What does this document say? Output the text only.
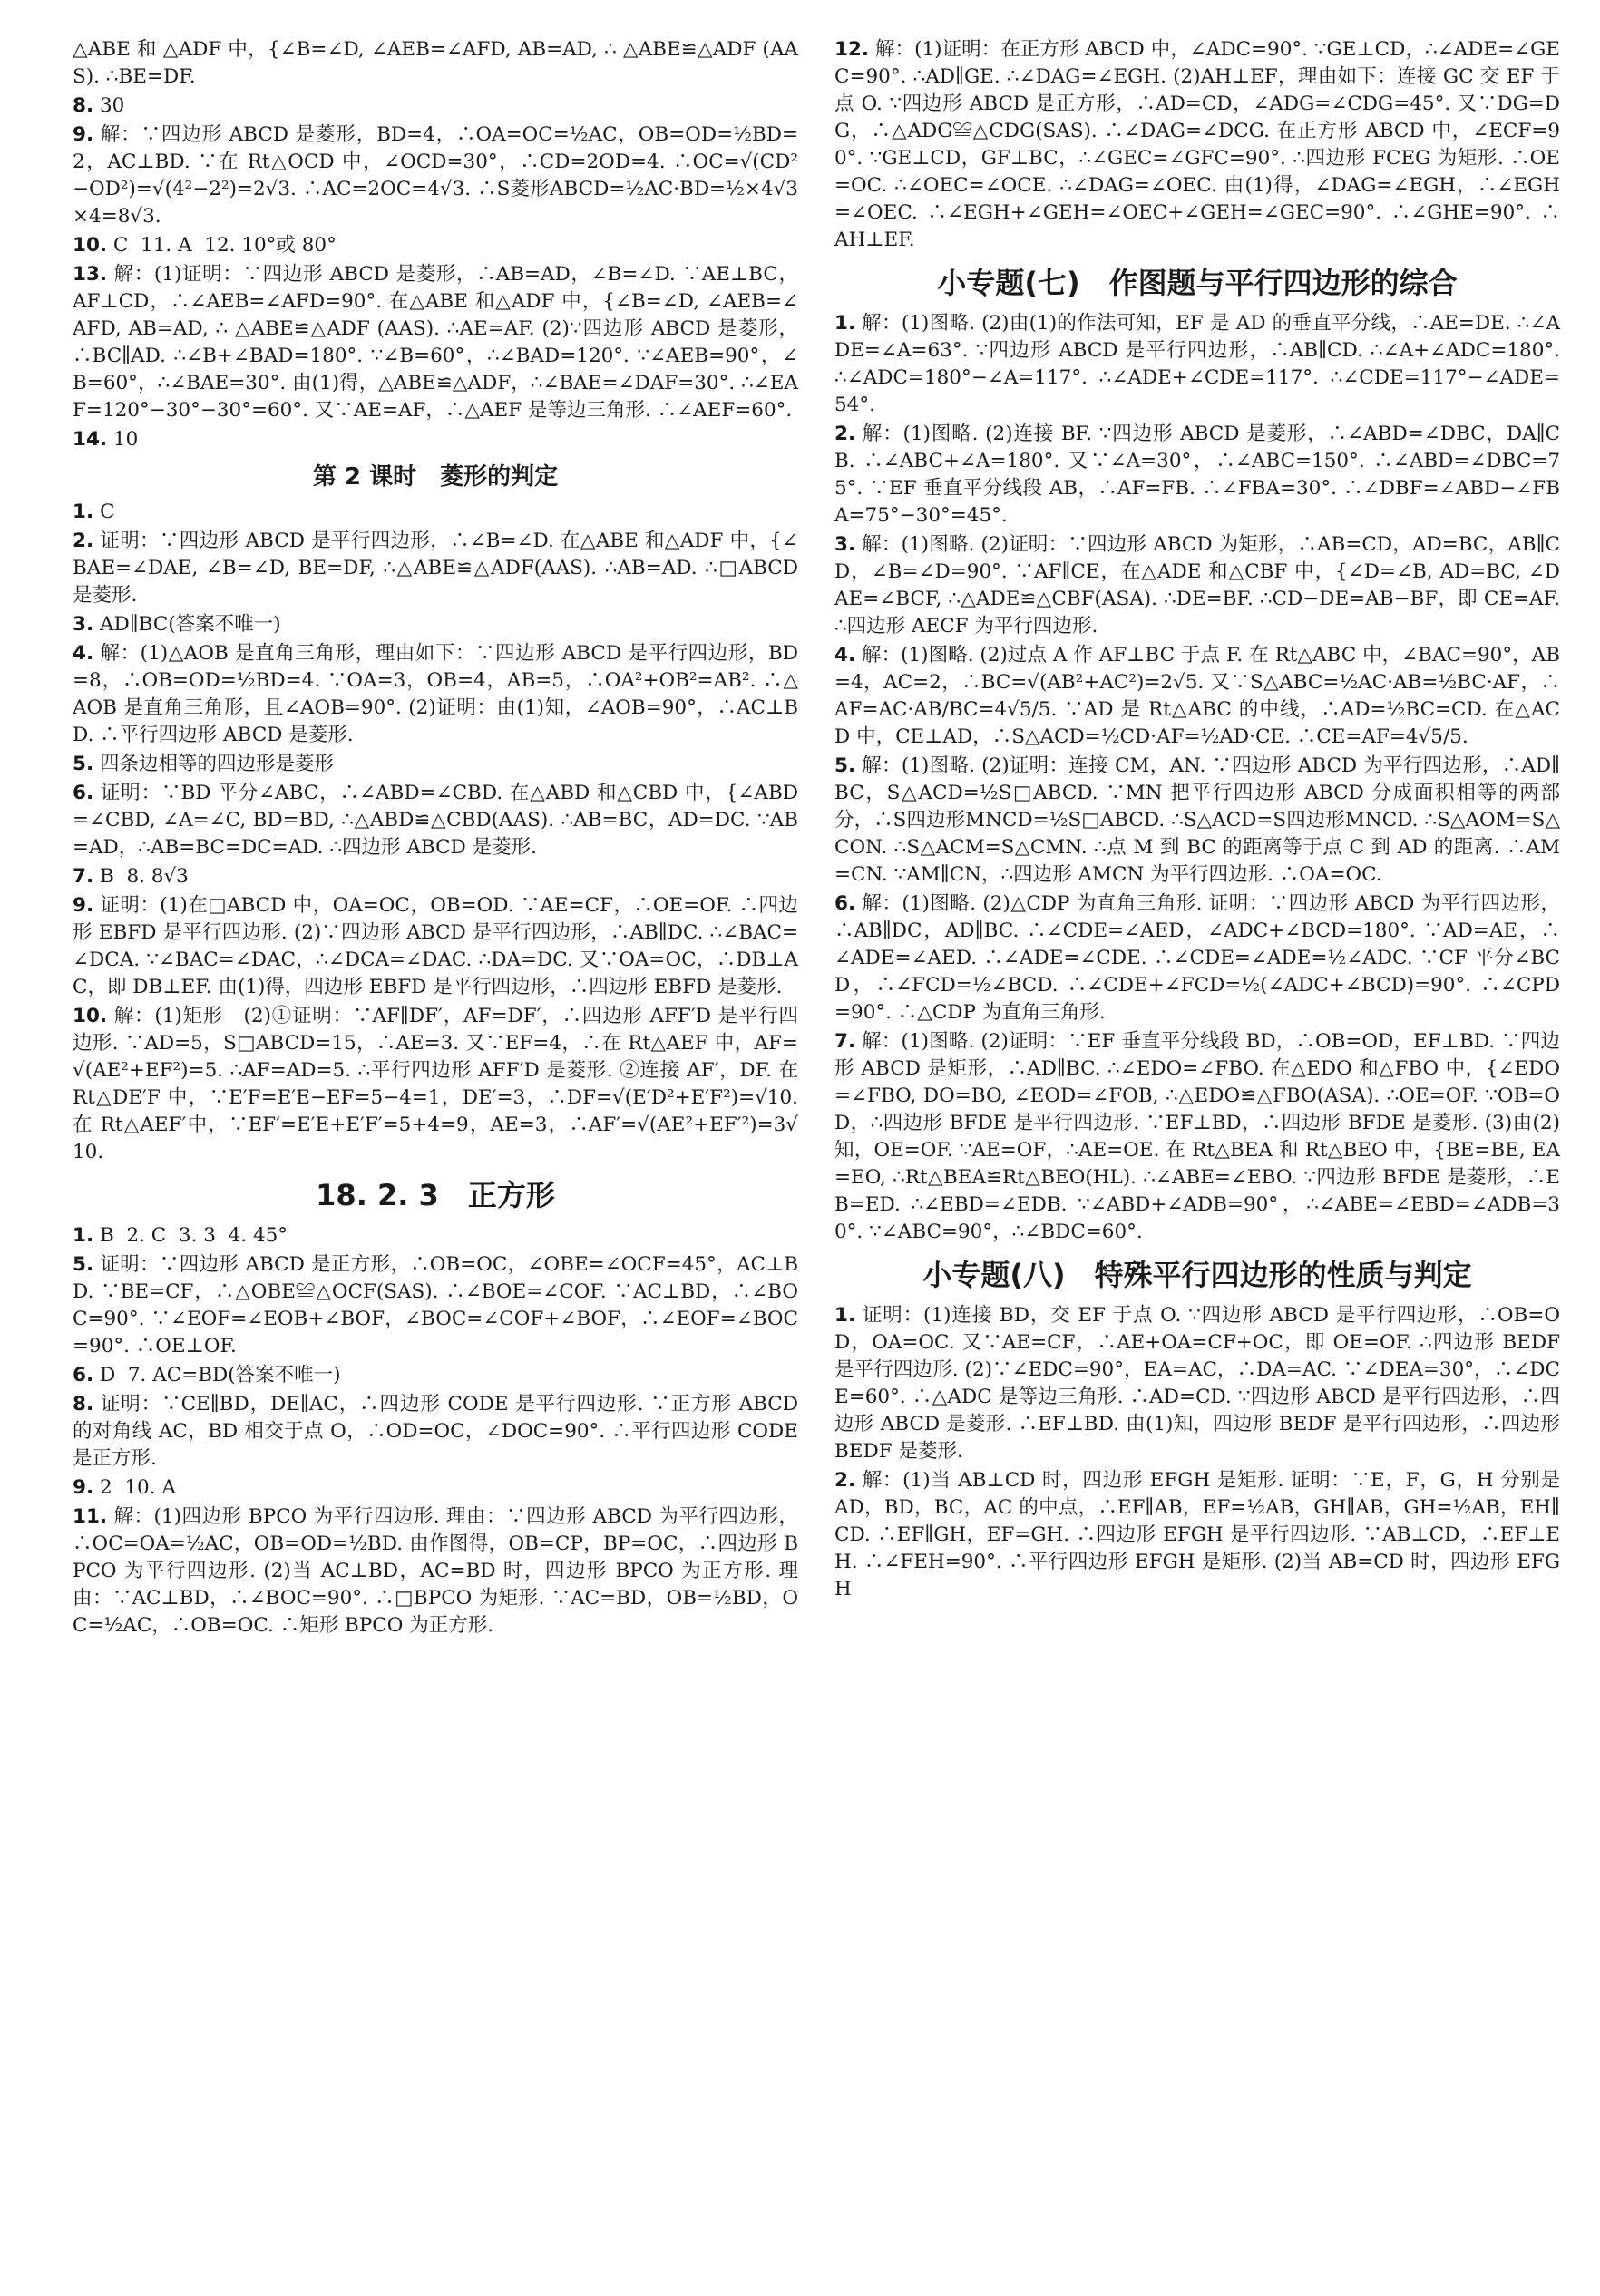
△ABE 和 △ADF 中，{∠B=∠D, ∠AEB=∠AFD, AB=AD, ∴ △ABE≌△ADF (AAS). ∴BE=DF.
8. 30
9. 解：∵四边形 ABCD 是菱形，BD=4，∴OA=OC=½AC，OB=OD=½BD=2，AC⊥BD. ∵在 Rt△OCD 中，∠OCD=30°，∴CD=2OD=4. ∴OC=√(CD²−OD²)=√(4²−2²)=2√3. ∴AC=2OC=4√3. ∴S菱形ABCD=½AC·BD=½×4√3×4=8√3.
10. C  11. A  12. 10°或 80°
13. 解：(1)证明：∵四边形 ABCD 是菱形，∴AB=AD，∠B=∠D. ∵AE⊥BC，AF⊥CD，∴∠AEB=∠AFD=90°. 在△ABE 和△ADF 中，{∠B=∠D, ∠AEB=∠AFD, AB=AD, ∴ △ABE≌△ADF (AAS). ∴AE=AF. (2)∵四边形 ABCD 是菱形，∴BC∥AD. ∴∠B+∠BAD=180°. ∵∠B=60°，∴∠BAD=120°. ∵∠AEB=90°，∠B=60°，∴∠BAE=30°. 由(1)得，△ABE≌△ADF，∴∠BAE=∠DAF=30°. ∴∠EAF=120°−30°−30°=60°. 又∵AE=AF，∴△AEF 是等边三角形. ∴∠AEF=60°.
14. 10
第 2 课时　菱形的判定
1. C
2. 证明：∵四边形 ABCD 是平行四边形，∴∠B=∠D. 在△ABE 和△ADF 中，{∠BAE=∠DAE, ∠B=∠D, BE=DF, ∴△ABE≌△ADF(AAS). ∴AB=AD. ∴□ABCD 是菱形.
3. AD∥BC(答案不唯一)
4. 解：(1)△AOB 是直角三角形，理由如下：∵四边形 ABCD 是平行四边形，BD=8，∴OB=OD=½BD=4. ∵OA=3，OB=4，AB=5，∴OA²+OB²=AB². ∴△AOB 是直角三角形，且∠AOB=90°. (2)证明：由(1)知，∠AOB=90°，∴AC⊥BD. ∴平行四边形 ABCD 是菱形.
5. 四条边相等的四边形是菱形
6. 证明：∵BD 平分∠ABC，∴∠ABD=∠CBD. 在△ABD 和△CBD 中，{∠ABD=∠CBD, ∠A=∠C, BD=BD, ∴△ABD≌△CBD(AAS). ∴AB=BC，AD=DC. ∵AB=AD，∴AB=BC=DC=AD. ∴四边形 ABCD 是菱形.
7. B  8. 8√3
9. 证明：(1)在□ABCD 中，OA=OC，OB=OD. ∵AE=CF，∴OE=OF. ∴四边形 EBFD 是平行四边形. (2)∵四边形 ABCD 是平行四边形，∴AB∥DC. ∴∠BAC=∠DCA. ∵∠BAC=∠DAC，∴∠DCA=∠DAC. ∴DA=DC. 又∵OA=OC，∴DB⊥AC，即 DB⊥EF. 由(1)得，四边形 EBFD 是平行四边形，∴四边形 EBFD 是菱形.
10. 解：(1)矩形　(2)①证明：∵AF∥DF′，AF=DF′，∴四边形 AFF′D 是平行四边形. ∵AD=5，S□ABCD=15，∴AE=3. 又∵EF=4，∴在 Rt△AEF 中，AF=√(AE²+EF²)=5. ∴AF=AD=5. ∴平行四边形 AFF′D 是菱形. ②连接 AF′，DF. 在 Rt△DE′F 中，∵E′F=E′E−EF=5−4=1，DE′=3，∴DF=√(E′D²+E′F²)=√10. 在 Rt△AEF′中，∵EF′=E′E+E′F′=5+4=9，AE=3，∴AF′=√(AE²+EF′²)=3√10.
18. 2. 3　正方形
1. B  2. C  3. 3  4. 45°
5. 证明：∵四边形 ABCD 是正方形，∴OB=OC，∠OBE=∠OCF=45°，AC⊥BD. ∵BE=CF，∴△OBE≌△OCF(SAS). ∴∠BOE=∠COF. ∵AC⊥BD，∴∠BOC=90°. ∵∠EOF=∠EOB+∠BOF，∠BOC=∠COF+∠BOF，∴∠EOF=∠BOC=90°. ∴OE⊥OF.
6. D  7. AC=BD(答案不唯一)
8. 证明：∵CE∥BD，DE∥AC，∴四边形 CODE 是平行四边形. ∵正方形 ABCD 的对角线 AC，BD 相交于点 O，∴OD=OC，∠DOC=90°. ∴平行四边形 CODE 是正方形.
9. 2  10. A
11. 解：(1)四边形 BPCO 为平行四边形. 理由：∵四边形 ABCD 为平行四边形，∴OC=OA=½AC，OB=OD=½BD. 由作图得，OB=CP，BP=OC，∴四边形 BPCO 为平行四边形. (2)当 AC⊥BD，AC=BD 时，四边形 BPCO 为正方形. 理由：∵AC⊥BD，∴∠BOC=90°. ∴□BPCO 为矩形. ∵AC=BD，OB=½BD，OC=½AC，∴OB=OC. ∴矩形 BPCO 为正方形.
12. 解：(1)证明：在正方形 ABCD 中，∠ADC=90°. ∵GE⊥CD，∴∠ADE=∠GEC=90°. ∴AD∥GE. ∴∠DAG=∠EGH. (2)AH⊥EF，理由如下：连接 GC 交 EF 于点 O. ∵四边形 ABCD 是正方形，∴AD=CD，∠ADG=∠CDG=45°. 又∵DG=DG，∴△ADG≌△CDG(SAS). ∴∠DAG=∠DCG. 在正方形 ABCD 中，∠ECF=90°. ∵GE⊥CD，GF⊥BC，∴∠GEC=∠GFC=90°. ∴四边形 FCEG 为矩形. ∴OE=OC. ∴∠OEC=∠OCE. ∴∠DAG=∠OEC. 由(1)得，∠DAG=∠EGH，∴∠EGH=∠OEC. ∴∠EGH+∠GEH=∠OEC+∠GEH=∠GEC=90°. ∴∠GHE=90°. ∴AH⊥EF.
小专题(七)　作图题与平行四边形的综合
1. 解：(1)图略. (2)由(1)的作法可知，EF 是 AD 的垂直平分线，∴AE=DE. ∴∠ADE=∠A=63°. ∵四边形 ABCD 是平行四边形，∴AB∥CD. ∴∠A+∠ADC=180°. ∴∠ADC=180°−∠A=117°. ∴∠ADE+∠CDE=117°. ∴∠CDE=117°−∠ADE=54°.
2. 解：(1)图略. (2)连接 BF. ∵四边形 ABCD 是菱形，∴∠ABD=∠DBC，DA∥CB. ∴∠ABC+∠A=180°. 又∵∠A=30°，∴∠ABC=150°. ∴∠ABD=∠DBC=75°. ∵EF 垂直平分线段 AB，∴AF=FB. ∴∠FBA=30°. ∴∠DBF=∠ABD−∠FBA=75°−30°=45°.
3. 解：(1)图略. (2)证明：∵四边形 ABCD 为矩形，∴AB=CD，AD=BC，AB∥CD，∠B=∠D=90°. ∵AF∥CE，在△ADE 和△CBF 中，{∠D=∠B, AD=BC, ∠DAE=∠BCF, ∴△ADE≌△CBF(ASA). ∴DE=BF. ∴CD−DE=AB−BF，即 CE=AF. ∴四边形 AECF 为平行四边形.
4. 解：(1)图略. (2)过点 A 作 AF⊥BC 于点 F. 在 Rt△ABC 中，∠BAC=90°，AB=4，AC=2，∴BC=√(AB²+AC²)=2√5. 又∵S△ABC=½AC·AB=½BC·AF，∴AF=AC·AB/BC=4√5/5. ∵AD 是 Rt△ABC 的中线，∴AD=½BC=CD. 在△ACD 中，CE⊥AD，∴S△ACD=½CD·AF=½AD·CE. ∴CE=AF=4√5/5.
5. 解：(1)图略. (2)证明：连接 CM，AN. ∵四边形 ABCD 为平行四边形，∴AD∥BC，S△ACD=½S□ABCD. ∵MN 把平行四边形 ABCD 分成面积相等的两部分，∴S四边形MNCD=½S□ABCD. ∴S△ACD=S四边形MNCD. ∴S△AOM=S△CON. ∴S△ACM=S△CMN. ∴点 M 到 BC 的距离等于点 C 到 AD 的距离. ∴AM=CN. ∵AM∥CN，∴四边形 AMCN 为平行四边形. ∴OA=OC.
6. 解：(1)图略. (2)△CDP 为直角三角形. 证明：∵四边形 ABCD 为平行四边形，∴AB∥DC，AD∥BC. ∴∠CDE=∠AED，∠ADC+∠BCD=180°. ∵AD=AE，∴∠ADE=∠AED. ∴∠ADE=∠CDE. ∴∠CDE=∠ADE=½∠ADC. ∵CF 平分∠BCD，∴∠FCD=½∠BCD. ∴∠CDE+∠FCD=½(∠ADC+∠BCD)=90°. ∴∠CPD=90°. ∴△CDP 为直角三角形.
7. 解：(1)图略. (2)证明：∵EF 垂直平分线段 BD，∴OB=OD，EF⊥BD. ∵四边形 ABCD 是矩形，∴AD∥BC. ∴∠EDO=∠FBO. 在△EDO 和△FBO 中，{∠EDO=∠FBO, DO=BO, ∠EOD=∠FOB, ∴△EDO≌△FBO(ASA). ∴OE=OF. ∵OB=OD，∴四边形 BFDE 是平行四边形. ∵EF⊥BD，∴四边形 BFDE 是菱形. (3)由(2)知，OE=OF. ∵AE=OF，∴AE=OE. 在 Rt△BEA 和 Rt△BEO 中，{BE=BE, EA=EO, ∴Rt△BEA≌Rt△BEO(HL). ∴∠ABE=∠EBO. ∵四边形 BFDE 是菱形，∴EB=ED. ∴∠EBD=∠EDB. ∵∠ABD+∠ADB=90°，∴∠ABE=∠EBD=∠ADB=30°. ∵∠ABC=90°，∴∠BDC=60°.
小专题(八)　特殊平行四边形的性质与判定
1. 证明：(1)连接 BD，交 EF 于点 O. ∵四边形 ABCD 是平行四边形，∴OB=OD，OA=OC. 又∵AE=CF，∴AE+OA=CF+OC，即 OE=OF. ∴四边形 BEDF 是平行四边形. (2)∵∠EDC=90°，EA=AC，∴DA=AC. ∵∠DEA=30°，∴∠DCE=60°. ∴△ADC 是等边三角形. ∴AD=CD. ∵四边形 ABCD 是平行四边形，∴四边形 ABCD 是菱形. ∴EF⊥BD. 由(1)知，四边形 BEDF 是平行四边形，∴四边形 BEDF 是菱形.
2. 解：(1)当 AB⊥CD 时，四边形 EFGH 是矩形. 证明：∵E，F，G，H 分别是 AD，BD，BC，AC 的中点，∴EF∥AB，EF=½AB，GH∥AB，GH=½AB，EH∥CD. ∴EF∥GH，EF=GH. ∴四边形 EFGH 是平行四边形. ∵AB⊥CD，∴EF⊥EH. ∴∠FEH=90°. ∴平行四边形 EFGH 是矩形. (2)当 AB=CD 时，四边形 EFGH
